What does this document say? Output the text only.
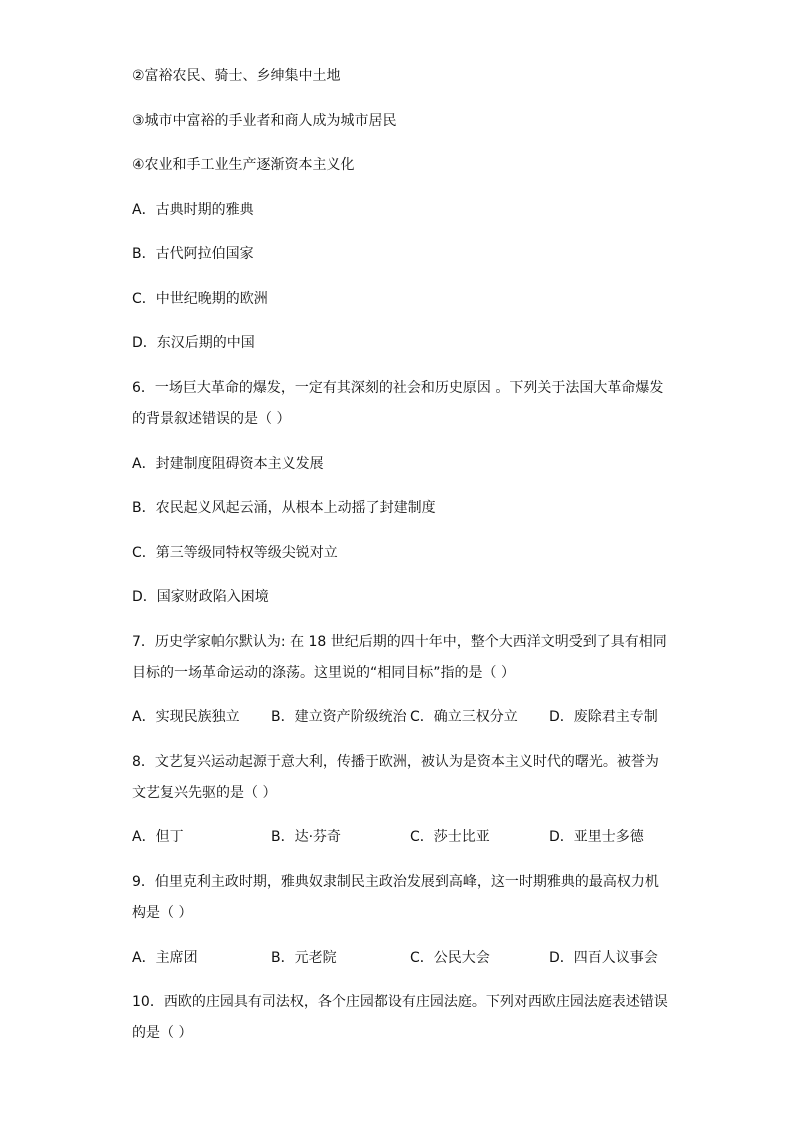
②富裕农民、骑士、乡绅集中土地
③城市中富裕的手业者和商人成为城市居民
④农业和手工业生产逐渐资本主义化
A．古典时期的雅典
B．古代阿拉伯国家
C．中世纪晚期的欧洲
D．东汉后期的中国
6．一场巨大革命的爆发，一定有其深刻的社会和历史原因 。下列关于法国大革命爆发
的背景叙述错误的是（ ）
A．封建制度阻碍资本主义发展
B．农民起义风起云涌，从根本上动摇了封建制度
C．第三等级同特权等级尖锐对立
D．国家财政陷入困境
7．历史学家帕尔默认为: 在 18 世纪后期的四十年中，整个大西洋文明受到了具有相同
目标的一场革命运动的涤荡。这里说的“相同目标”指的是（ ）
A．实现民族独立 B．建立资产阶级统治 C．确立三权分立 D．废除君主专制
8．文艺复兴运动起源于意大利，传播于欧洲，被认为是资本主义时代的曙光。被誉为
文艺复兴先驱的是（ ）
A．但丁	B．达·芬奇	C．莎士比亚	D．亚里士多德
9．伯里克利主政时期，雅典奴隶制民主政治发展到高峰，这一时期雅典的最高权力机
构是（ ）
A．主席团	B．元老院	C．公民大会	D．四百人议事会
10．西欧的庄园具有司法权，各个庄园都设有庄园法庭。下列对西欧庄园法庭表述错误
的是（ ）
